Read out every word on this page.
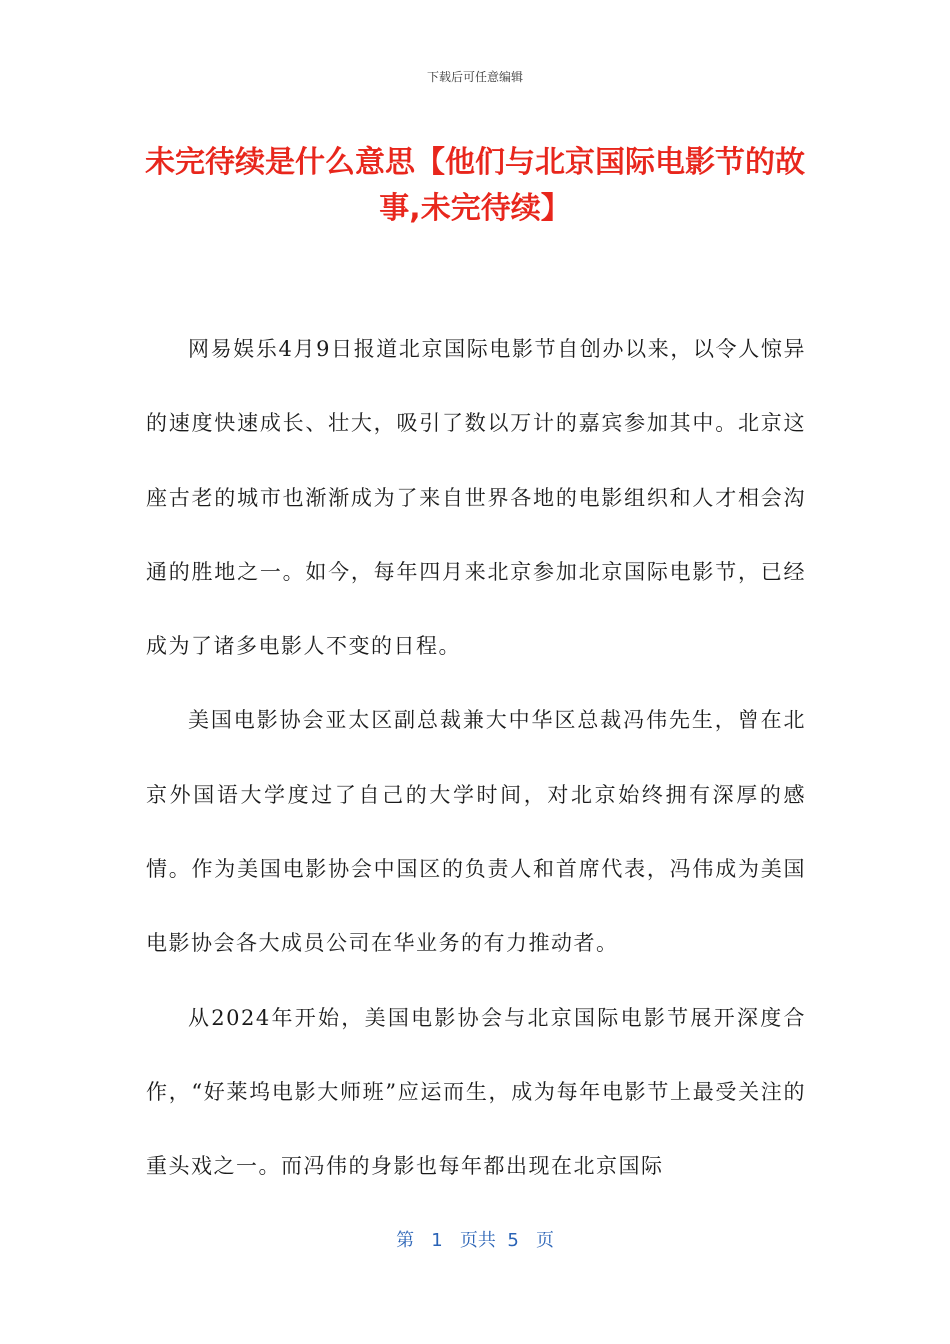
下载后可任意编辑
未完待续是什么意思【他们与北京国际电影节的故事,未完待续】

网易娱乐4月9日报道北京国际电影节自创办以来，以令人惊异的速度快速成长、壮大，吸引了数以万计的嘉宾参加其中。北京这座古老的城市也渐渐成为了来自世界各地的电影组织和人才相会沟通的胜地之一。如今，每年四月来北京参加北京国际电影节，已经成为了诸多电影人不变的日程。

美国电影协会亚太区副总裁兼大中华区总裁冯伟先生，曾在北京外国语大学度过了自己的大学时间，对北京始终拥有深厚的感情。作为美国电影协会中国区的负责人和首席代表，冯伟成为美国电影协会各大成员公司在华业务的有力推动者。

从2024年开始，美国电影协会与北京国际电影节展开深度合作，“好莱坞电影大师班”应运而生，成为每年电影节上最受关注的重头戏之一。而冯伟的身影也每年都出现在北京国际

第 1 页共 5 页
